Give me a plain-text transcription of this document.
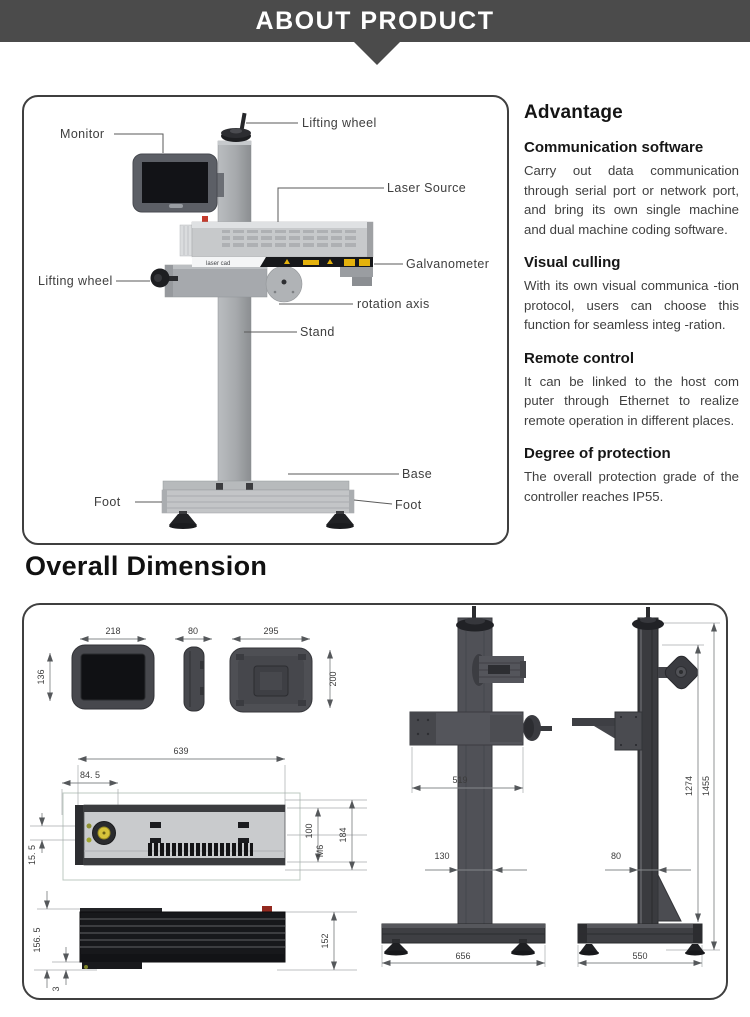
ABOUT PRODUCT
laser cad
Lifting wheel
Monitor
Laser Source
Galvanometer
Lifting wheel
rotation axis
Stand
Base
Foot	Foot
Advantage
Communication software

Carry out data communication through serial port or network port, and bring its own single machine and dual machine coding software.

Visual culling

With its own visual communica -tion protocol, users can choose this function for seamless integ -ration.

Remote control

It can be linked to the host com puter through Ethernet to realize remote operation in different places.

Degree of protection

The overall protection grade of the controller reaches IP55.

Overall Dimension
218
136
80	295
200
639
84. 5
15. 5
100
M6
184
156. 5	152
3
519
130
656
80
550
1274 1455
